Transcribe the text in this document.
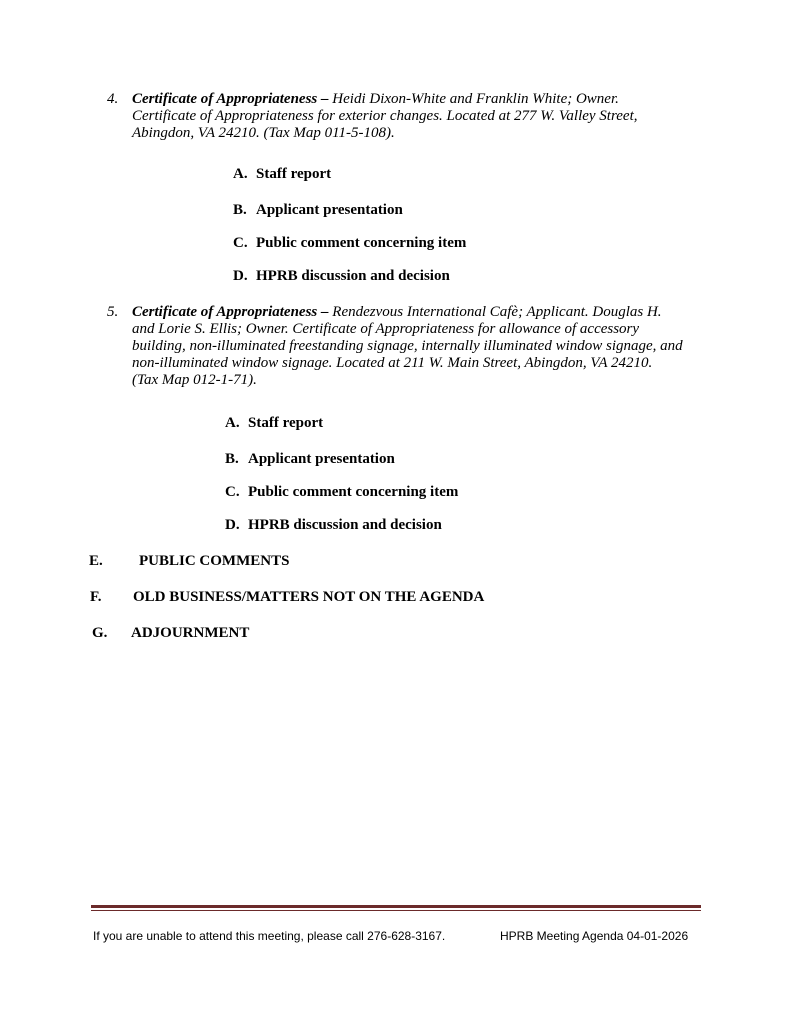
4. Certificate of Appropriateness – Heidi Dixon-White and Franklin White; Owner.
Certificate of Appropriateness for exterior changes. Located at 277 W. Valley Street,
Abingdon, VA 24210. (Tax Map 011-5-108).
A. Staff report
B. Applicant presentation
C. Public comment concerning item
D. HPRB discussion and decision
5. Certificate of Appropriateness – Rendezvous International Cafè; Applicant. Douglas H.
and Lorie S. Ellis; Owner. Certificate of Appropriateness for allowance of accessory
building, non-illuminated freestanding signage, internally illuminated window signage, and
non-illuminated window signage. Located at 211 W. Main Street, Abingdon, VA 24210.
(Tax Map 012-1-71).
A. Staff report
B. Applicant presentation
C. Public comment concerning item
D. HPRB discussion and decision
E. PUBLIC COMMENTS
F. OLD BUSINESS/MATTERS NOT ON THE AGENDA
G. ADJOURNMENT
If you are unable to attend this meeting, please call 276-628-3167.	HPRB Meeting Agenda 04-01-2026
